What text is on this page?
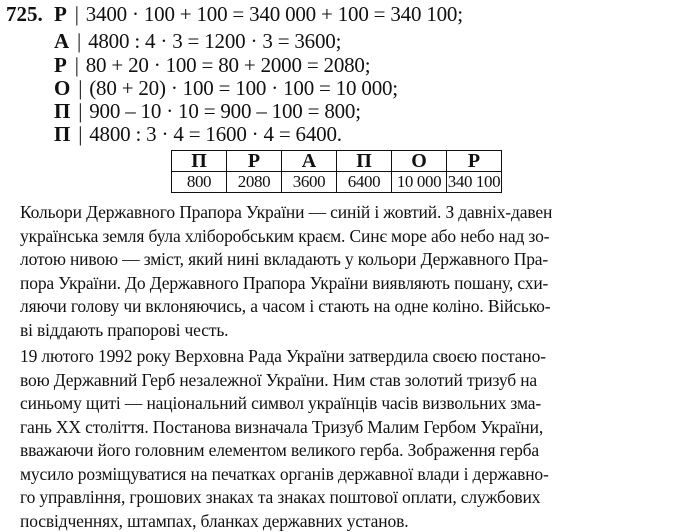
725. Р | 3400 · 100 + 100 = 340 000 + 100 = 340 100;
А | 4800 : 4 · 3 = 1200 · 3 = 3600;
Р | 80 + 20 · 100 = 80 + 2000 = 2080;
О | (80 + 20) · 100 = 100 · 100 = 10 000;
П | 900 – 10 · 10 = 900 – 100 = 800;
П | 4800 : 3 · 4 = 1600 · 4 = 6400.
П	Р	А	П	О	Р
800	2080	3600	6400	10 000	340 100
Кольори Державного Прапора України — синій і жовтий. З давніх-давен
українська земля була хліборобським краєм. Синє море або небо над зо-
лотою нивою — зміст, який нині вкладають у кольори Державного Пра-
пора України. До Державного Прапора України виявляють пошану, схи-
ляючи голову чи вклоняючись, а часом і стають на одне коліно. Військо-
ві віддають прапорові честь.
19 лютого 1992 року Верховна Рада України затвердила своєю постано-
вою Державний Герб незалежної України. Ним став золотий тризуб на
синьому щиті — національний символ українців часів визвольних зма-
гань XX століття. Постанова визначала Тризуб Малим Гербом України,
вважаючи його головним елементом великого герба. Зображення герба
мусило розміщуватися на печатках органів державної влади і державно-
го управління, грошових знаках та знаках поштової оплати, службових
посвідченнях, штампах, бланках державних установ.
